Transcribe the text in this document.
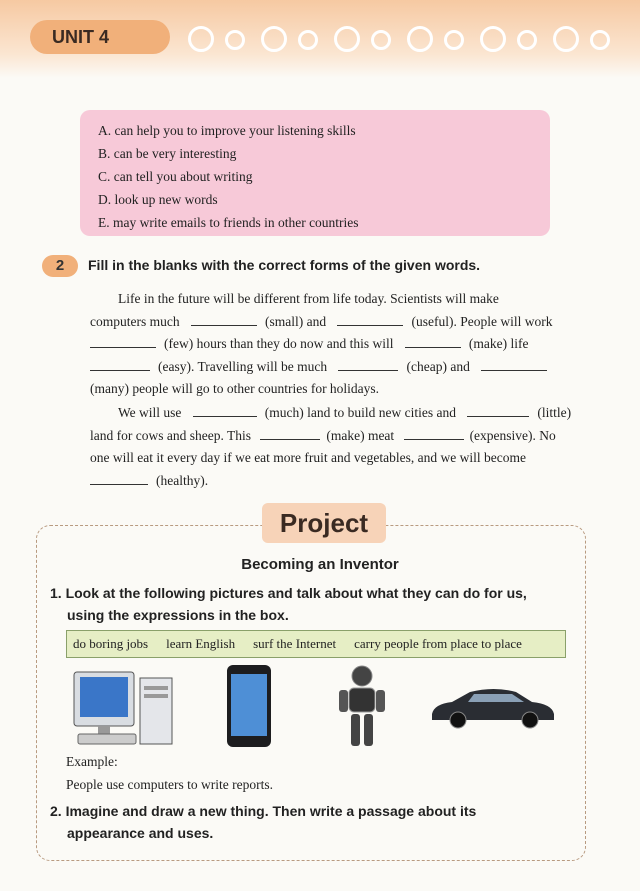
UNIT 4
A. can help you to improve your listening skills
B. can be very interesting
C. can tell you about writing
D. look up new words
E. may write emails to friends in other countries
2	Fill in the blanks with the correct forms of the given words.
Life in the future will be different from life today. Scientists will make
computers much	(small) and	(useful). People will work
(few) hours than they do now and this will	(make) life
(easy). Travelling will be much	(cheap) and
(many) people will go to other countries for holidays.
We will use	(much) land to build new cities and	(little)
land for cows and sheep. This	(make) meat	(expensive). No
one will eat it every day if we eat more fruit and vegetables, and we will become
(healthy).
Project
Becoming an Inventor
1. Look at the following pictures and talk about what they can do for us,
using the expressions in the box.
do boring jobs learn English surf the Internet carry people from place to place
Example:
People use computers to write reports.
2. Imagine and draw a new thing. Then write a passage about its
appearance and uses.
